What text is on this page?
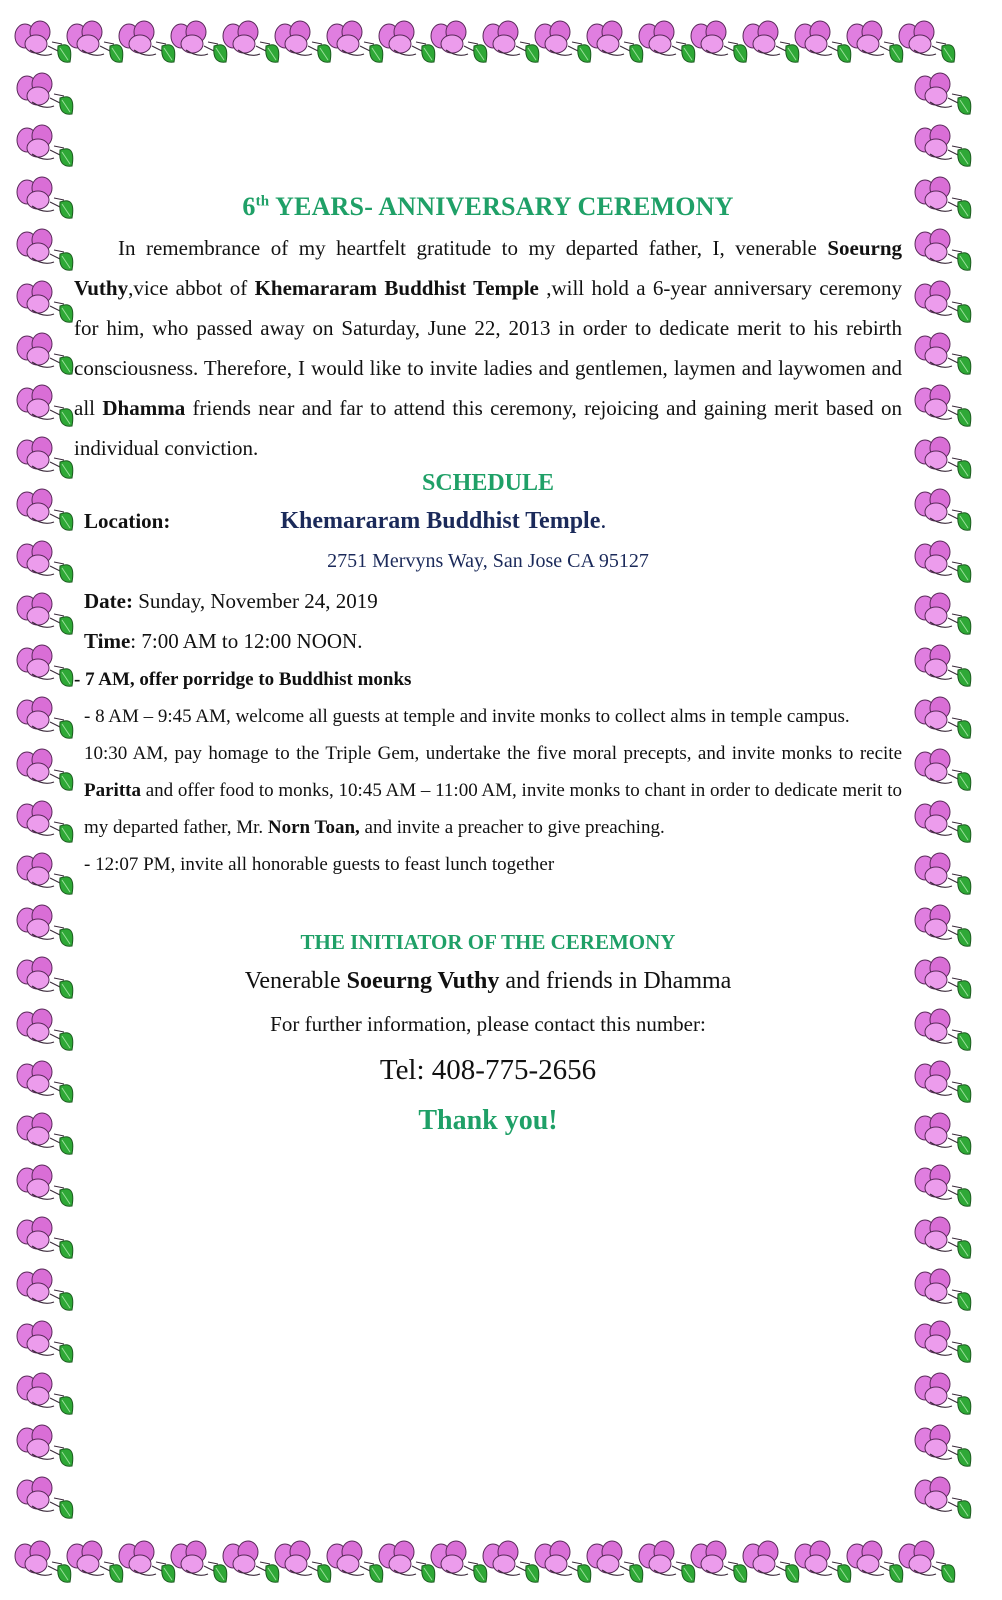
6th YEARS- ANNIVERSARY CEREMONY

In remembrance of my heartfelt gratitude to my departed father, I, venerable Soeurng Vuthy,vice abbot of Khemararam Buddhist Temple ,will hold a 6-year anniversary ceremony for him, who passed away on Saturday, June 22, 2013 in order to dedicate merit to his rebirth consciousness. Therefore, I would like to invite ladies and gentlemen, laymen and laywomen and all Dhamma friends near and far to attend this ceremony, rejoicing and gaining merit based on individual conviction.

SCHEDULE
Location:	Khemararam Buddhist Temple.
2751 Mervyns Way, San Jose CA 95127
Date: Sunday, November 24, 2019
Time: 7:00 AM to 12:00 NOON.
- 7 AM, offer porridge to Buddhist monks
- 8 AM – 9:45 AM, welcome all guests at temple and invite monks to collect alms in temple campus.
10:30 AM, pay homage to the Triple Gem, undertake the five moral precepts, and invite monks to recite Paritta and offer food to monks, 10:45 AM – 11:00 AM, invite monks to chant in order to dedicate merit to my departed father, Mr. Norn Toan, and invite a preacher to give preaching.
- 12:07 PM, invite all honorable guests to feast lunch together
THE INITIATOR OF THE CEREMONY
Venerable Soeurng Vuthy and friends in Dhamma
For further information, please contact this number:
Tel: 408-775-2656
Thank you!
